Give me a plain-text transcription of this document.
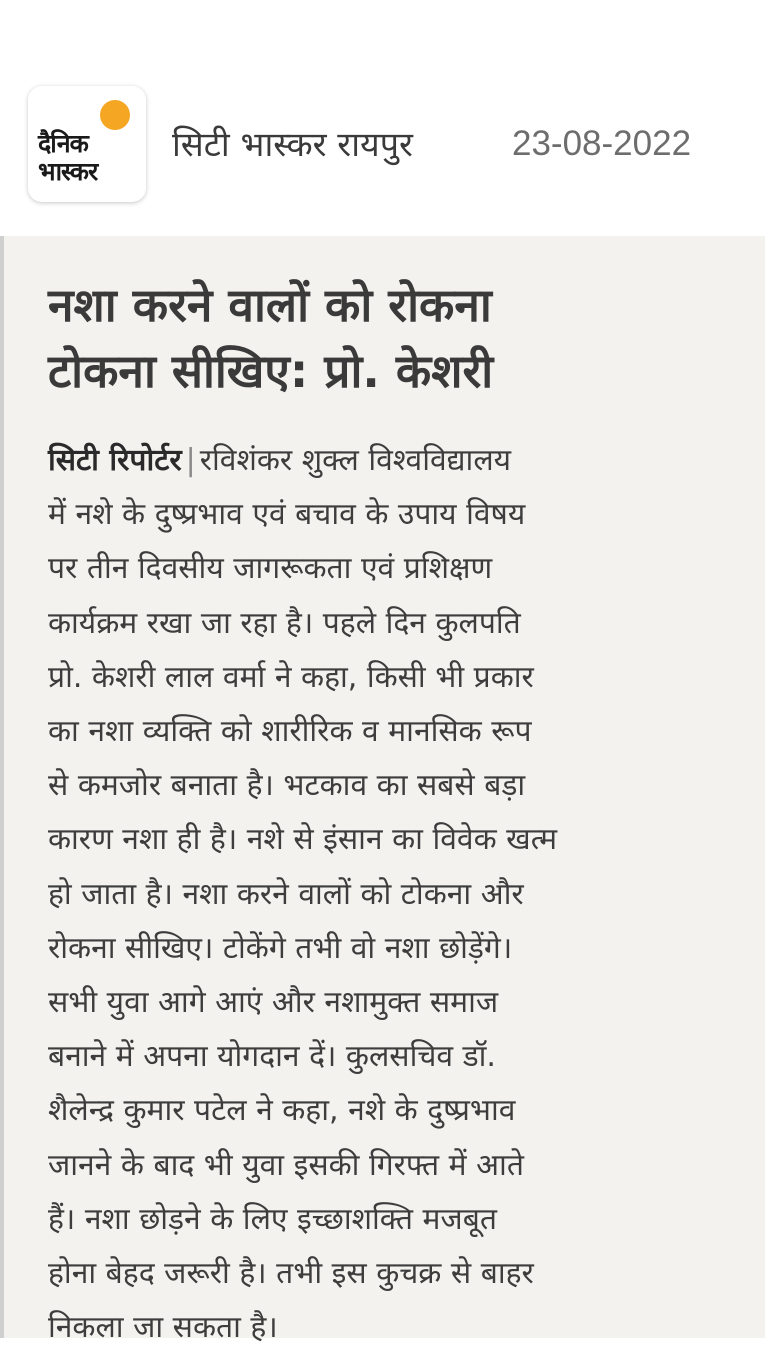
दैनिक
भास्कर
सिटी भास्कर रायपुर	23-08-2022
नशा करने वालों को रोकना
टोकना सीखिए: प्रो. केशरी
सिटी रिपोर्टर | रविशंकर शुक्ल विश्वविद्यालय
में नशे के दुष्प्रभाव एवं बचाव के उपाय विषय
पर तीन दिवसीय जागरूकता एवं प्रशिक्षण
कार्यक्रम रखा जा रहा है। पहले दिन कुलपति
प्रो. केशरी लाल वर्मा ने कहा, किसी भी प्रकार
का नशा व्यक्ति को शारीरिक व मानसिक रूप
से कमजोर बनाता है। भटकाव का सबसे बड़ा
कारण नशा ही है। नशे से इंसान का विवेक खत्म
हो जाता है। नशा करने वालों को टोकना और
रोकना सीखिए। टोकेंगे तभी वो नशा छोड़ेंगे।
सभी युवा आगे आएं और नशामुक्त समाज
बनाने में अपना योगदान दें। कुलसचिव डॉ.
शैलेन्द्र कुमार पटेल ने कहा, नशे के दुष्प्रभाव
जानने के बाद भी युवा इसकी गिरफ्त में आते
हैं। नशा छोड़ने के लिए इच्छाशक्ति मजबूत
होना बेहद जरूरी है। तभी इस कुचक्र से बाहर
निकला जा सकता है।
